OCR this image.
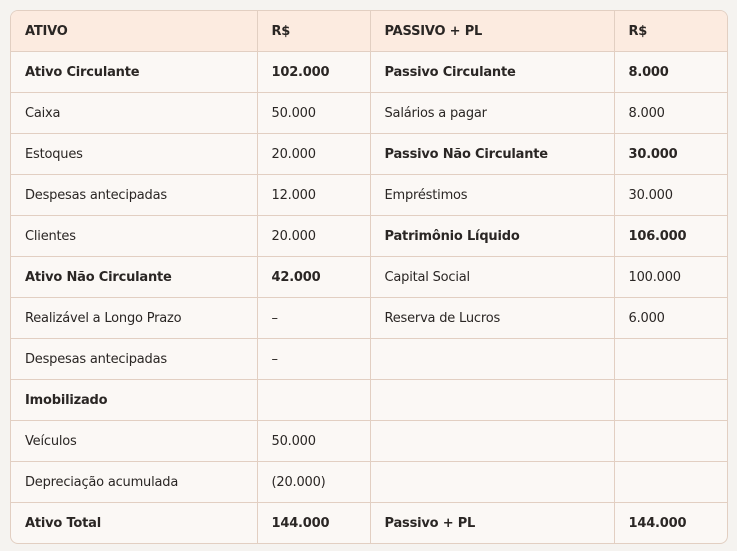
ATIVO	R$	PASSIVO + PL	R$
Ativo Circulante	102.000	Passivo Circulante	8.000
Caixa	50.000	Salários a pagar	8.000
Estoques	20.000	Passivo Não Circulante	30.000
Despesas antecipadas	12.000	Empréstimos	30.000
Clientes	20.000	Patrimônio Líquido	106.000
Ativo Não Circulante	42.000	Capital Social	100.000
Realizável a Longo Prazo	–	Reserva de Lucros	6.000
Despesas antecipadas	–		
Imobilizado			
Veículos	50.000		
Depreciação acumulada	(20.000)		
Ativo Total	144.000	Passivo + PL	144.000
